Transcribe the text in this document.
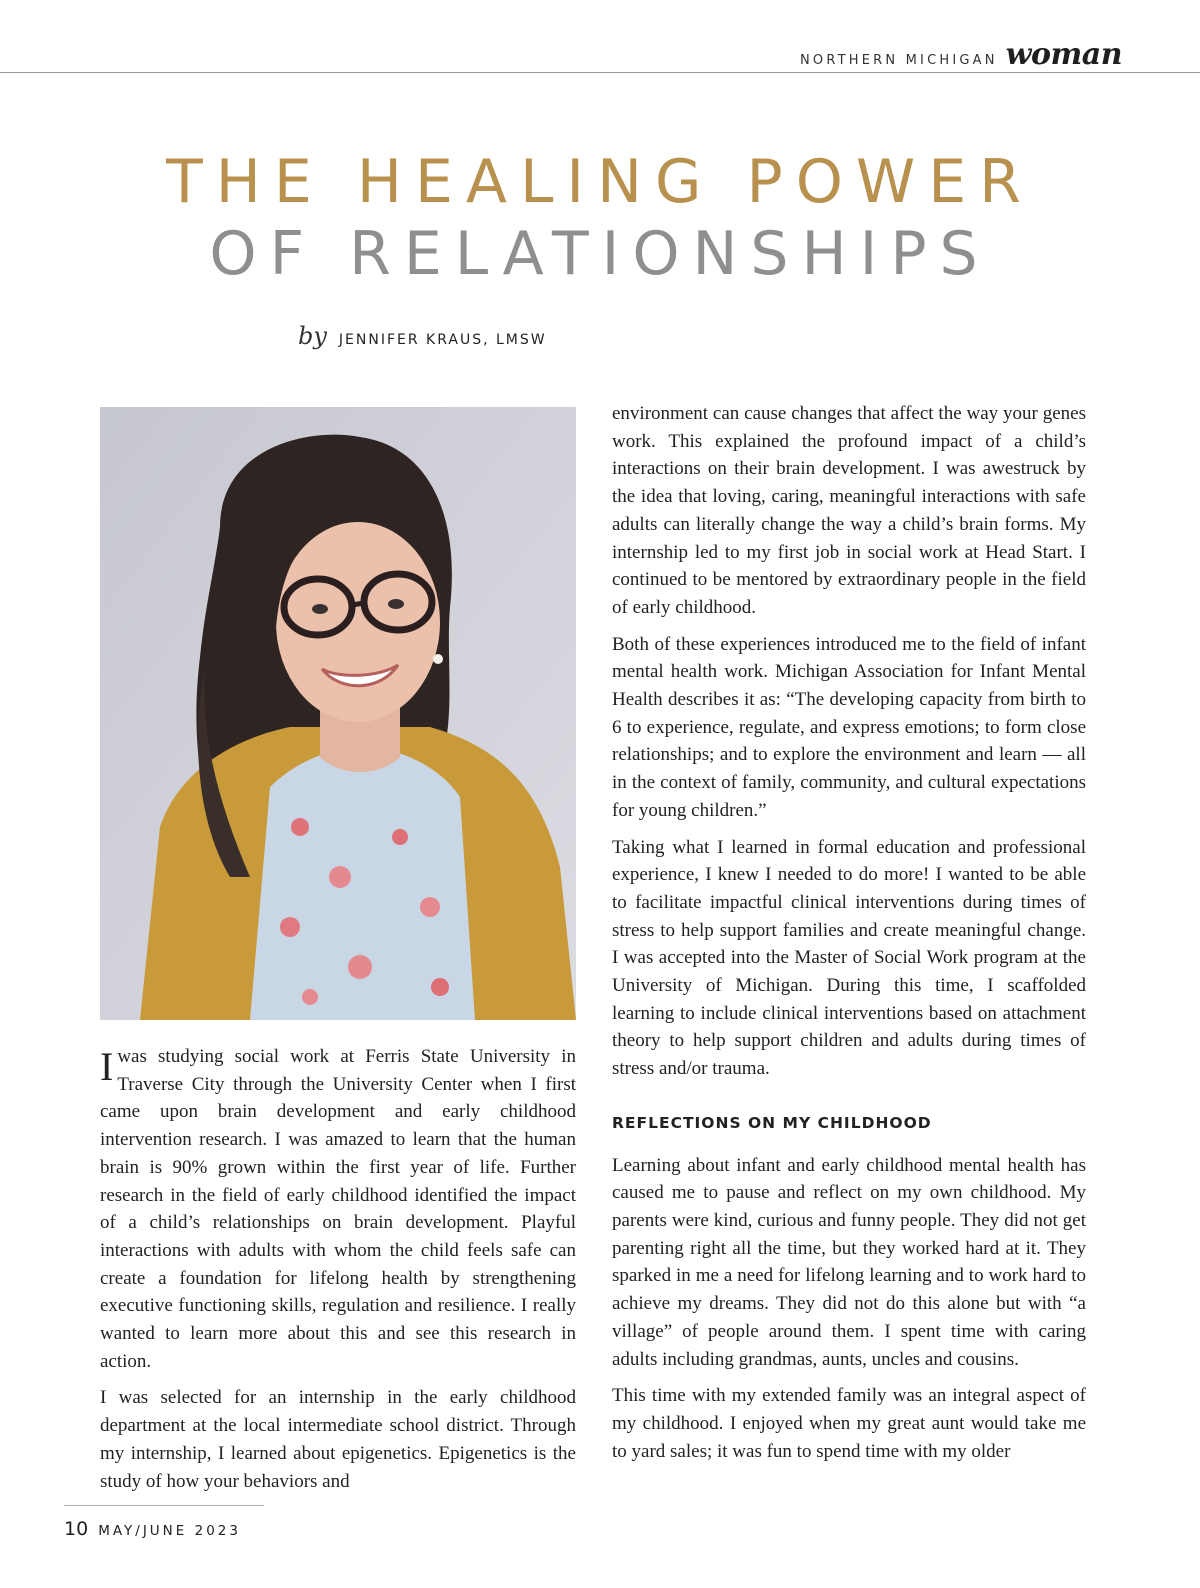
NORTHERN MICHIGAN woman
THE HEALING POWER
OF RELATIONSHIPS
by JENNIFER KRAUS, LMSW

Iwas studying social work at Ferris State University in Traverse City through the University Center when I first came upon brain development and early childhood intervention research. I was amazed to learn that the human brain is 90% grown within the first year of life. Further research in the field of early childhood identified the impact of a child’s relationships on brain development. Playful interactions with adults with whom the child feels safe can create a foundation for lifelong health by strengthening executive functioning skills, regulation and resilience. I really wanted to learn more about this and see this research in action.

I was selected for an internship in the early childhood department at the local intermediate school district. Through my internship, I learned about epigenetics. Epigenetics is the study of how your behaviors and

environment can cause changes that affect the way your genes work. This explained the profound impact of a child’s interactions on their brain development. I was awestruck by the idea that loving, caring, meaningful interactions with safe adults can literally change the way a child’s brain forms. My internship led to my first job in social work at Head Start. I continued to be mentored by extraordinary people in the field of early childhood.

Both of these experiences introduced me to the field of infant mental health work. Michigan Association for Infant Mental Health describes it as: “The developing capacity from birth to 6 to experience, regulate, and express emotions; to form close relationships; and to explore the environment and learn — all in the context of family, community, and cultural expectations for young children.”

Taking what I learned in formal education and professional experience, I knew I needed to do more! I wanted to be able to facilitate impactful clinical interventions during times of stress to help support families and create meaningful change. I was accepted into the Master of Social Work program at the University of Michigan. During this time, I scaffolded learning to include clinical interventions based on attachment theory to help support children and adults during times of stress and/or trauma.

REFLECTIONS ON MY CHILDHOOD

Learning about infant and early childhood mental health has caused me to pause and reflect on my own childhood. My parents were kind, curious and funny people. They did not get parenting right all the time, but they worked hard at it. They sparked in me a need for lifelong learning and to work hard to achieve my dreams. They did not do this alone but with “a village” of people around them. I spent time with caring adults including grandmas, aunts, uncles and cousins.

This time with my extended family was an integral aspect of my childhood. I enjoyed when my great aunt would take me to yard sales; it was fun to spend time with my older

10 MAY/JUNE 2023
